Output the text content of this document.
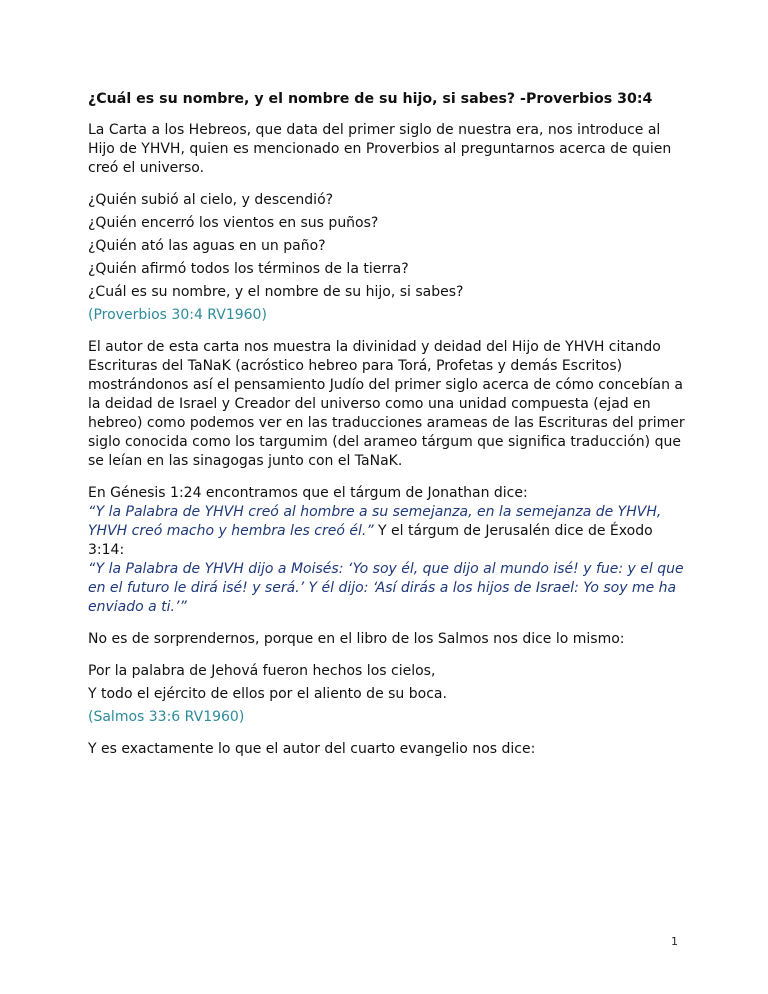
¿Cuál es su nombre, y el nombre de su hijo, si sabes? -Proverbios 30:4

La Carta a los Hebreos, que data del primer siglo de nuestra era, nos introduce al Hijo de YHVH, quien es mencionado en Proverbios al preguntarnos acerca de quien creó el universo.

¿Quién subió al cielo, y descendió?
¿Quién encerró los vientos en sus puños?
¿Quién ató las aguas en un paño?
¿Quién afirmó todos los términos de la tierra?
¿Cuál es su nombre, y el nombre de su hijo, si sabes?
(Proverbios 30:4 RV1960)

El autor de esta carta nos muestra la divinidad y deidad del Hijo de YHVH citando Escrituras del TaNaK (acróstico hebreo para Torá, Profetas y demás Escritos) mostrándonos así el pensamiento Judío del primer siglo acerca de cómo concebían a la deidad de Israel y Creador del universo como una unidad compuesta (ejad en hebreo) como podemos ver en las traducciones arameas de las Escrituras del primer siglo conocida como los targumim (del arameo tárgum que significa traducción) que se leían en las sinagogas junto con el TaNaK.

En Génesis 1:24 encontramos que el tárgum de Jonathan dice:
“Y la Palabra de YHVH creó al hombre a su semejanza, en la semejanza de YHVH, YHVH creó macho y hembra les creó él.” Y el tárgum de Jerusalén dice de Éxodo 3:14:
“Y la Palabra de YHVH dijo a Moisés: ‘Yo soy él, que dijo al mundo isé! y fue: y el que en el futuro le dirá isé! y será.’ Y él dijo: ‘Así dirás a los hijos de Israel: Yo soy me ha enviado a ti.’”

No es de sorprendernos, porque en el libro de los Salmos nos dice lo mismo:

Por la palabra de Jehová fueron hechos los cielos,
Y todo el ejército de ellos por el aliento de su boca.
(Salmos 33:6 RV1960)

Y es exactamente lo que el autor del cuarto evangelio nos dice:

1
